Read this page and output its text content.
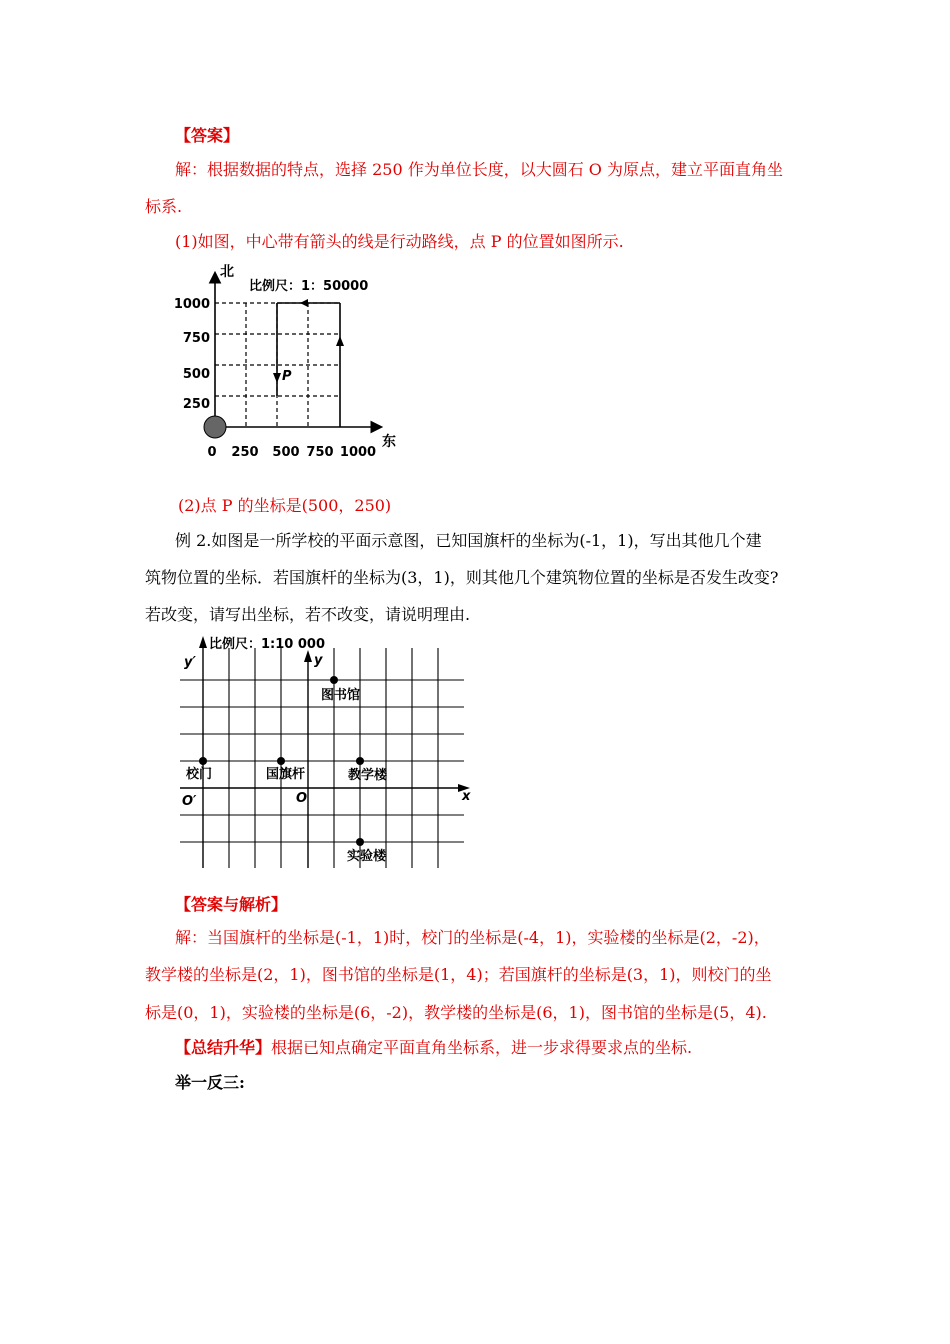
【答案】
解：根据数据的特点，选择 250 作为单位长度，以大圆石 O 为原点，建立平面直角坐
标系.
(1)如图，中心带有箭头的线是行动路线，点 P 的位置如图所示.
北
东
比例尺：1：50000
P
1000
750
500
250
0 250 500 750 1000
(2)点 P 的坐标是(500，250)
例 2.如图是一所学校的平面示意图，已知国旗杆的坐标为(-1，1)，写出其他几个建
筑物位置的坐标．若国旗杆的坐标为(3，1)，则其他几个建筑物位置的坐标是否发生改变?
若改变，请写出坐标，若不改变，请说明理由.
比例尺：1:10 000
y′	y
x
O′	O
图书馆
校门	国旗杆	教学楼
实验楼
【答案与解析】
解：当国旗杆的坐标是(-1，1)时，校门的坐标是(-4，1)，实验楼的坐标是(2，-2)，
教学楼的坐标是(2，1)，图书馆的坐标是(1，4)；若国旗杆的坐标是(3，1)，则校门的坐
标是(0，1)，实验楼的坐标是(6，-2)，教学楼的坐标是(6，1)，图书馆的坐标是(5，4).
【总结升华】根据已知点确定平面直角坐标系，进一步求得要求点的坐标.
举一反三:
